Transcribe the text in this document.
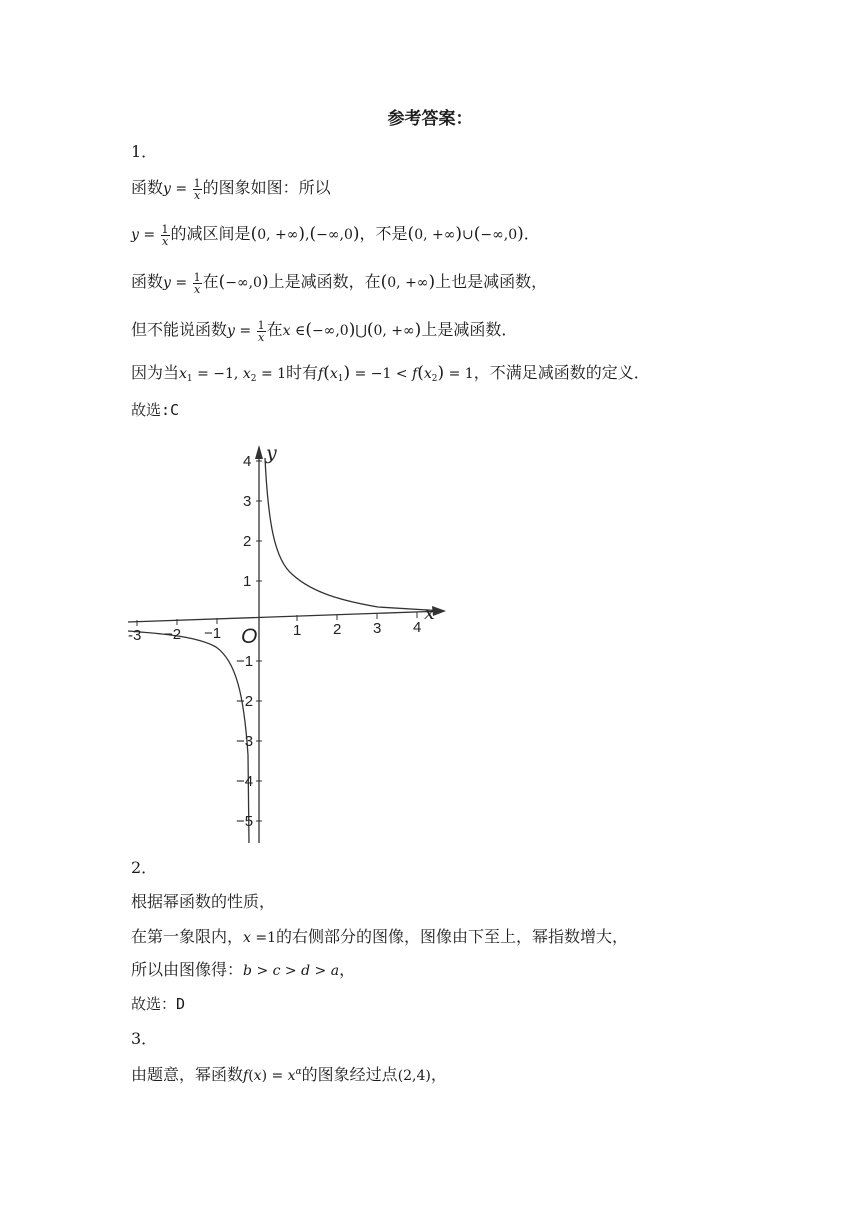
参考答案：
1．
函数$y = \frac{1}{x}$ 的图象如图：所以
$y = \frac{1}{x}$ 的减区间是(0, +∞),(−∞,0)，不是(0, +∞)∪(−∞,0)．
函数$y = \frac{1}{x}$ 在(−∞,0)上是减函数，在(0, +∞)上也是减函数，
但不能说函数$y = \frac{1}{x}$ 在x ∈(−∞,0)⋃(0, +∞)上是减函数．
因为当$x_1 = -1$, $x_2 = 1$时有$f(x_1) = -1 < f(x_2) = 1$，不满足减函数的定义．
故选:C
y
x
O
-3 −2 −1	1 2 3 4
4
3
2
1
−1
−2
−3
−4
−5
2．
根据幂函数的性质，
在第一象限内，x =1的右侧部分的图像，图像由下至上，幂指数增大，
所以由图像得：b > c > d > a，
故选：D
3．
由题意，幂函数$f(x) = x^\alpha$的图象经过点(2,4)，
